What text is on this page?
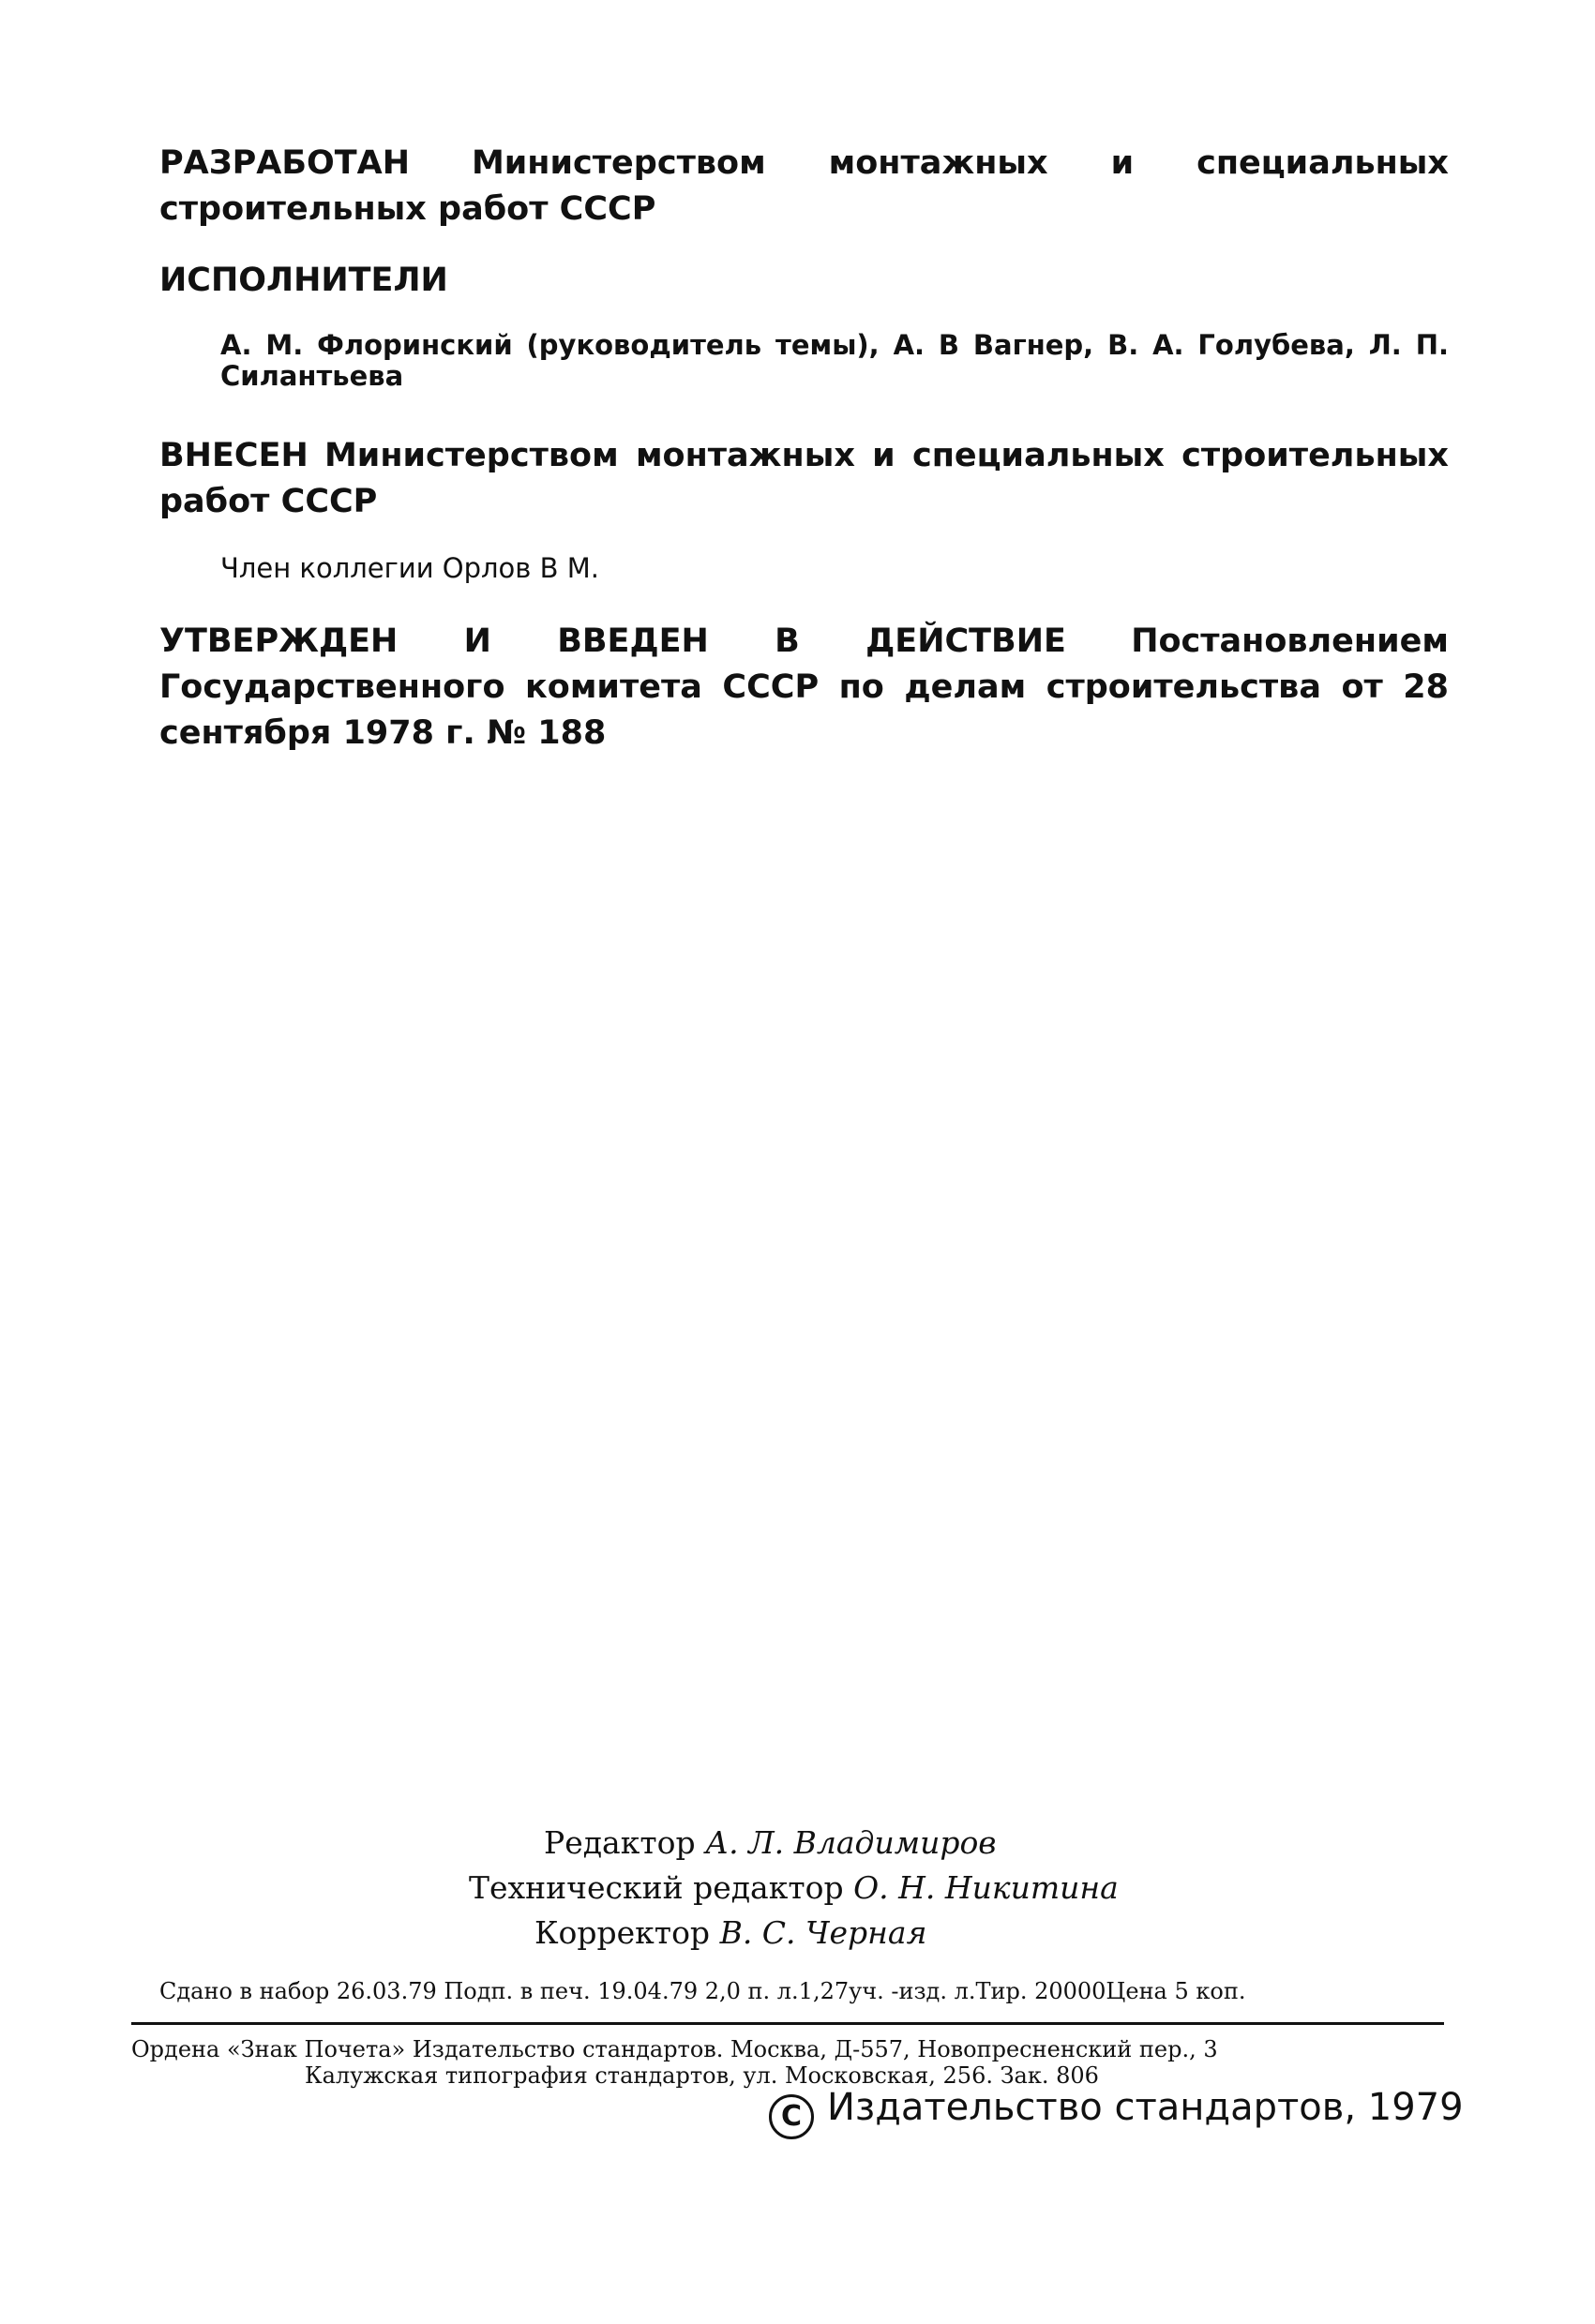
РАЗРАБОТАН Министерством монтажных и специальных строительных работ СССР

ИСПОЛНИТЕЛИ

А. М. Флоринский (руководитель темы), А. В Вагнер, В. А. Голубева, Л. П. Силантьева

ВНЕСЕН Министерством монтажных и специальных строительных работ СССР

Член коллегии Орлов В М.

УТВЕРЖДЕН И ВВЕДЕН В ДЕЙСТВИЕ Постановлением Государственного комитета СССР по делам строительства от 28 сентября 1978 г. № 188

Редактор А. Л. Владимиров
Технический редактор О. Н. Никитина
Корректор В. С. Черная
Сдано в набор 26.03.79 Подп. в печ. 19.04.79 2,0 п. л.1,27уч. -изд. л.Тир. 20000Цена 5 коп.
Ордена «Знак Почета» Издательство стандартов. Москва, Д-557, Новопресненский пер., 3
Калужская типография стандартов, ул. Московская, 256. Зак. 806
C Издательство стандартов, 1979
